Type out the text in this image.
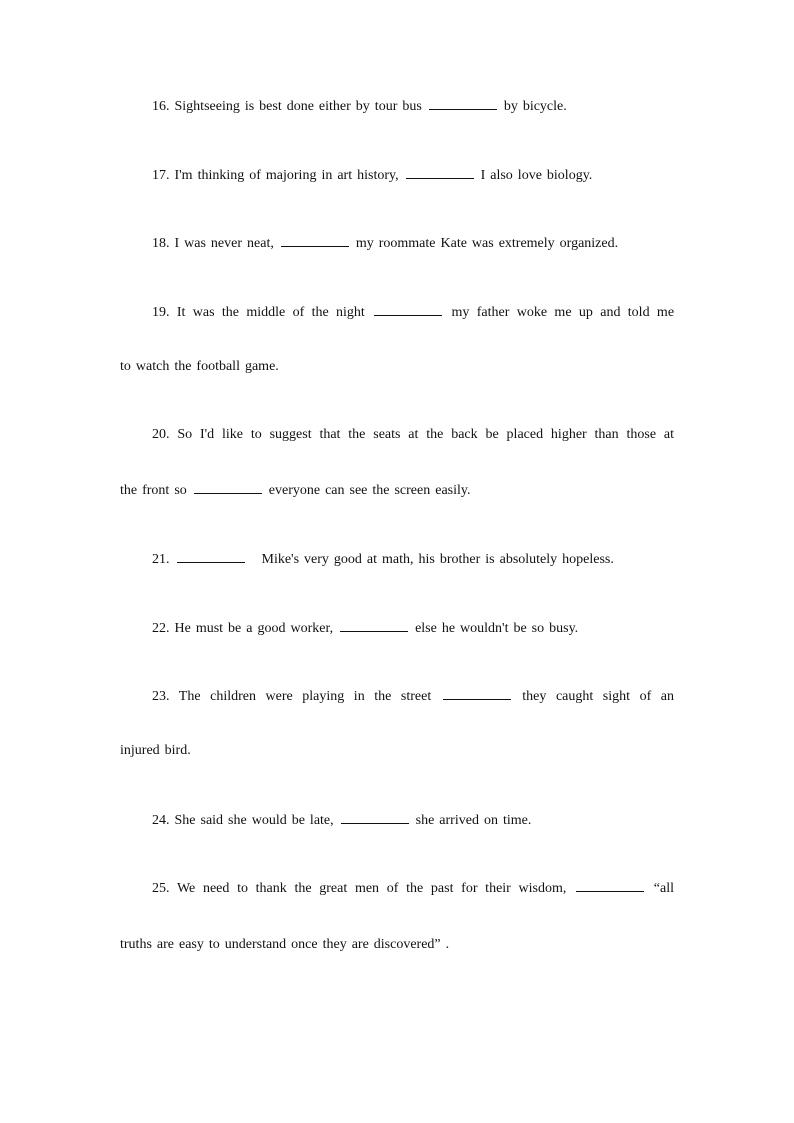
16. Sightseeing is best done either by tour bus	by bicycle.
17. I'm thinking of majoring in art history,	I also love biology.
18. I was never neat,	my roommate Kate was extremely organized.
19. It was the middle of the night	my father woke me up and told me
to watch the football game.
20. So I'd like to suggest that the seats at the back be placed higher than those at
the front so	everyone can see the screen easily.
21.	Mike's very good at math, his brother is absolutely hopeless.
22. He must be a good worker,	else he wouldn't be so busy.
23. The children were playing in the street	they caught sight of an
injured bird.
24. She said she would be late,	she arrived on time.
25. We need to thank the great men of the past for their wisdom,	“all
truths are easy to understand once they are discovered” .
